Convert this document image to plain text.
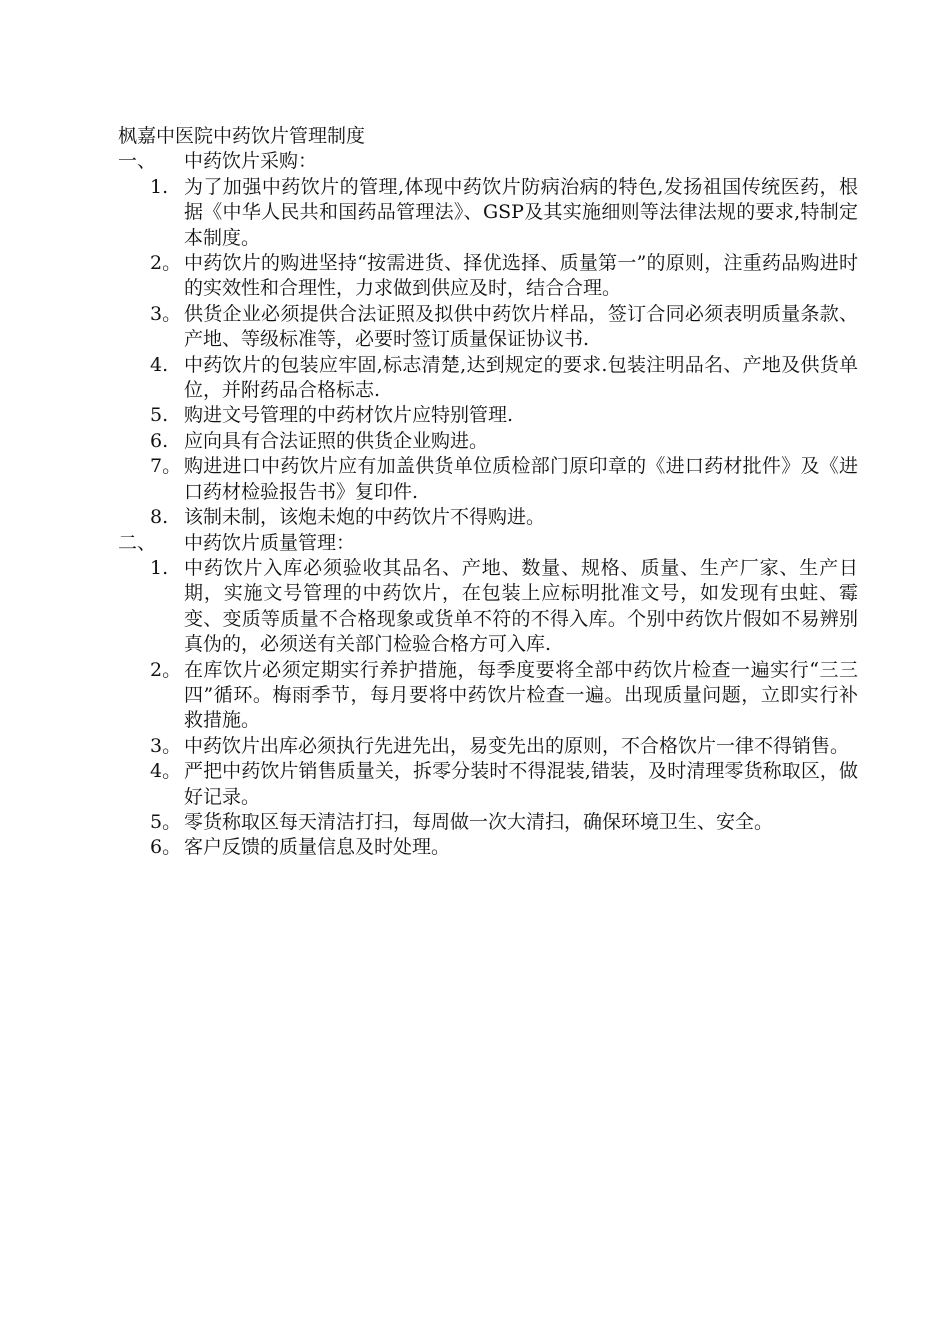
枫嘉中医院中药饮片管理制度
一、	中药饮片采购：
1. 为了加强中药饮片的管理,体现中药饮片防病治病的特色,发扬祖国传统医药，根据《中华人民共和国药品管理法》、GSP及其实施细则等法律法规的要求,特制定本制度。
2。 中药饮片的购进坚持“按需进货、择优选择、质量第一”的原则，注重药品购进时的实效性和合理性，力求做到供应及时，结合合理。
3。 供货企业必须提供合法证照及拟供中药饮片样品，签订合同必须表明质量条款、产地、等级标准等，必要时签订质量保证协议书.
4. 中药饮片的包装应牢固,标志清楚,达到规定的要求.包装注明品名、产地及供货单位，并附药品合格标志.
5. 购进文号管理的中药材饮片应特别管理.
6. 应向具有合法证照的供货企业购进。
7。 购进进口中药饮片应有加盖供货单位质检部门原印章的《进口药材批件》及《进口药材检验报告书》复印件.
8. 该制未制，该炮未炮的中药饮片不得购进。
二、	中药饮片质量管理：
1. 中药饮片入库必须验收其品名、产地、数量、规格、质量、生产厂家、生产日期，实施文号管理的中药饮片，在包装上应标明批准文号，如发现有虫蛀、霉变、变质等质量不合格现象或货单不符的不得入库。个别中药饮片假如不易辨别真伪的，必须送有关部门检验合格方可入库.
2。 在库饮片必须定期实行养护措施，每季度要将全部中药饮片检查一遍实行“三三四”循环。梅雨季节，每月要将中药饮片检查一遍。出现质量问题，立即实行补救措施。
3。 中药饮片出库必须执行先进先出，易变先出的原则，不合格饮片一律不得销售。
4。 严把中药饮片销售质量关，拆零分装时不得混装,错装，及时清理零货称取区，做好记录。
5。 零货称取区每天清洁打扫，每周做一次大清扫，确保环境卫生、安全。
6。 客户反馈的质量信息及时处理。
